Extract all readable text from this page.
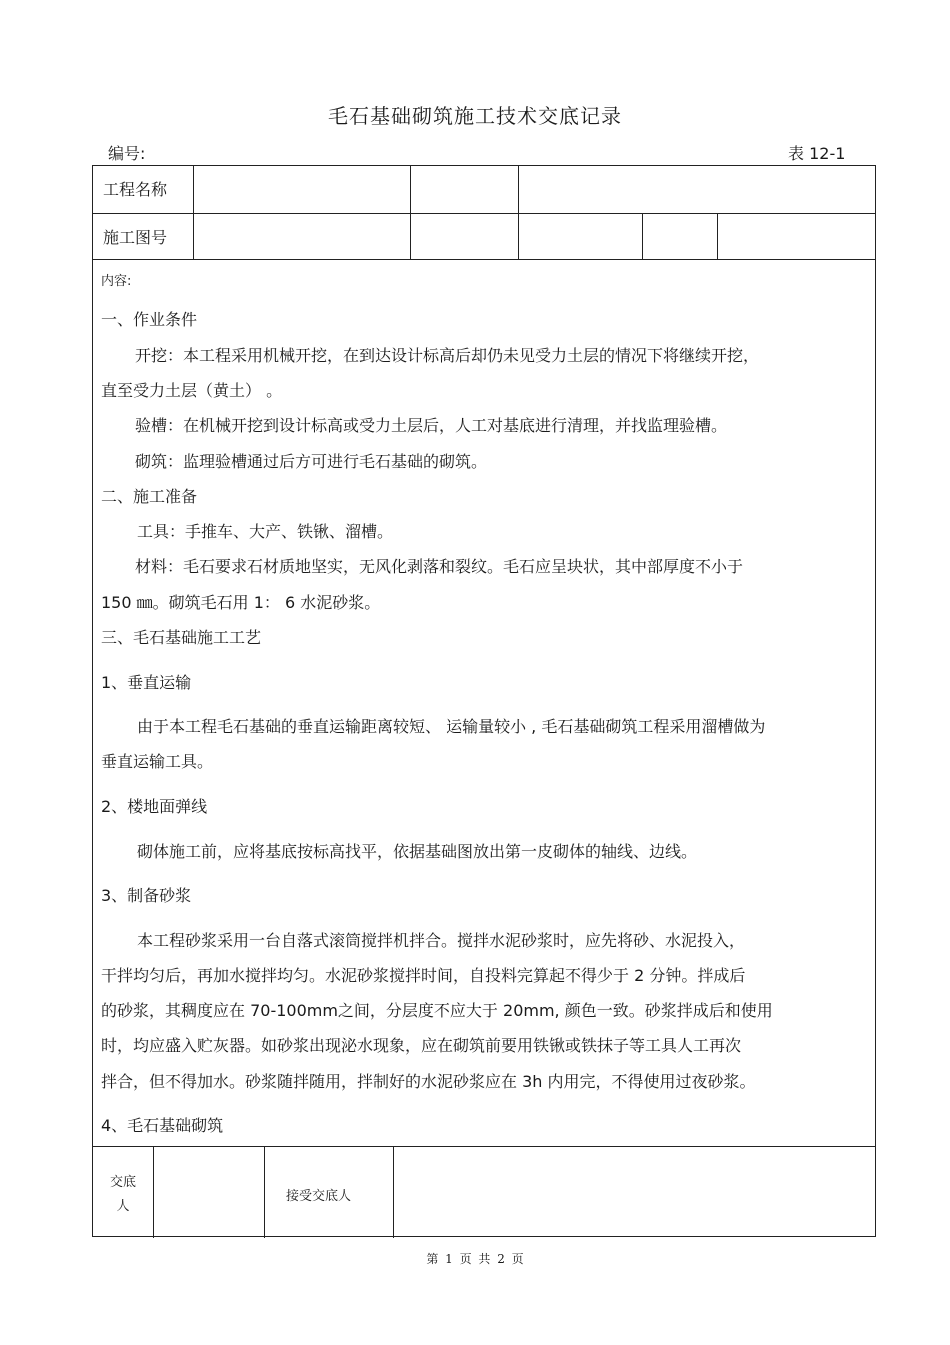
毛石基础砌筑施工技术交底记录
编号:	表 12-1
工程名称
施工图号
内容:
一、作业条件
开挖：本工程采用机械开挖，在到达设计标高后却仍未见受力土层的情况下将继续开挖，
直至受力土层（黄土） 。
验槽：在机械开挖到设计标高或受力土层后，人工对基底进行清理，并找监理验槽。
砌筑：监理验槽通过后方可进行毛石基础的砌筑。
二、施工准备
工具：手推车、大产、铁锹、溜槽。
材料：毛石要求石材质地坚实，无风化剥落和裂纹。毛石应呈块状，其中部厚度不小于
150 ㎜。砌筑毛石用 1： 6 水泥砂浆。
三、毛石基础施工工艺
1、垂直运输
由于本工程毛石基础的垂直运输距离较短、 运输量较小 , 毛石基础砌筑工程采用溜槽做为
垂直运输工具。
2、楼地面弹线
砌体施工前，应将基底按标高找平，依据基础图放出第一皮砌体的轴线、边线。
3、制备砂浆
本工程砂浆采用一台自落式滚筒搅拌机拌合。搅拌水泥砂浆时，应先将砂、水泥投入，
干拌均匀后，再加水搅拌均匀。水泥砂浆搅拌时间，自投料完算起不得少于 2 分钟。拌成后
的砂浆，其稠度应在 70-100mm之间，分层度不应大于 20mm, 颜色一致。砂浆拌成后和使用
时，均应盛入贮灰器。如砂浆出现泌水现象，应在砌筑前要用铁锹或铁抹子等工具人工再次
拌合，但不得加水。砂浆随拌随用，拌制好的水泥砂浆应在 3h 内用完，不得使用过夜砂浆。
4、毛石基础砌筑
交底人
接受交底人
第 1 页 共 2 页
